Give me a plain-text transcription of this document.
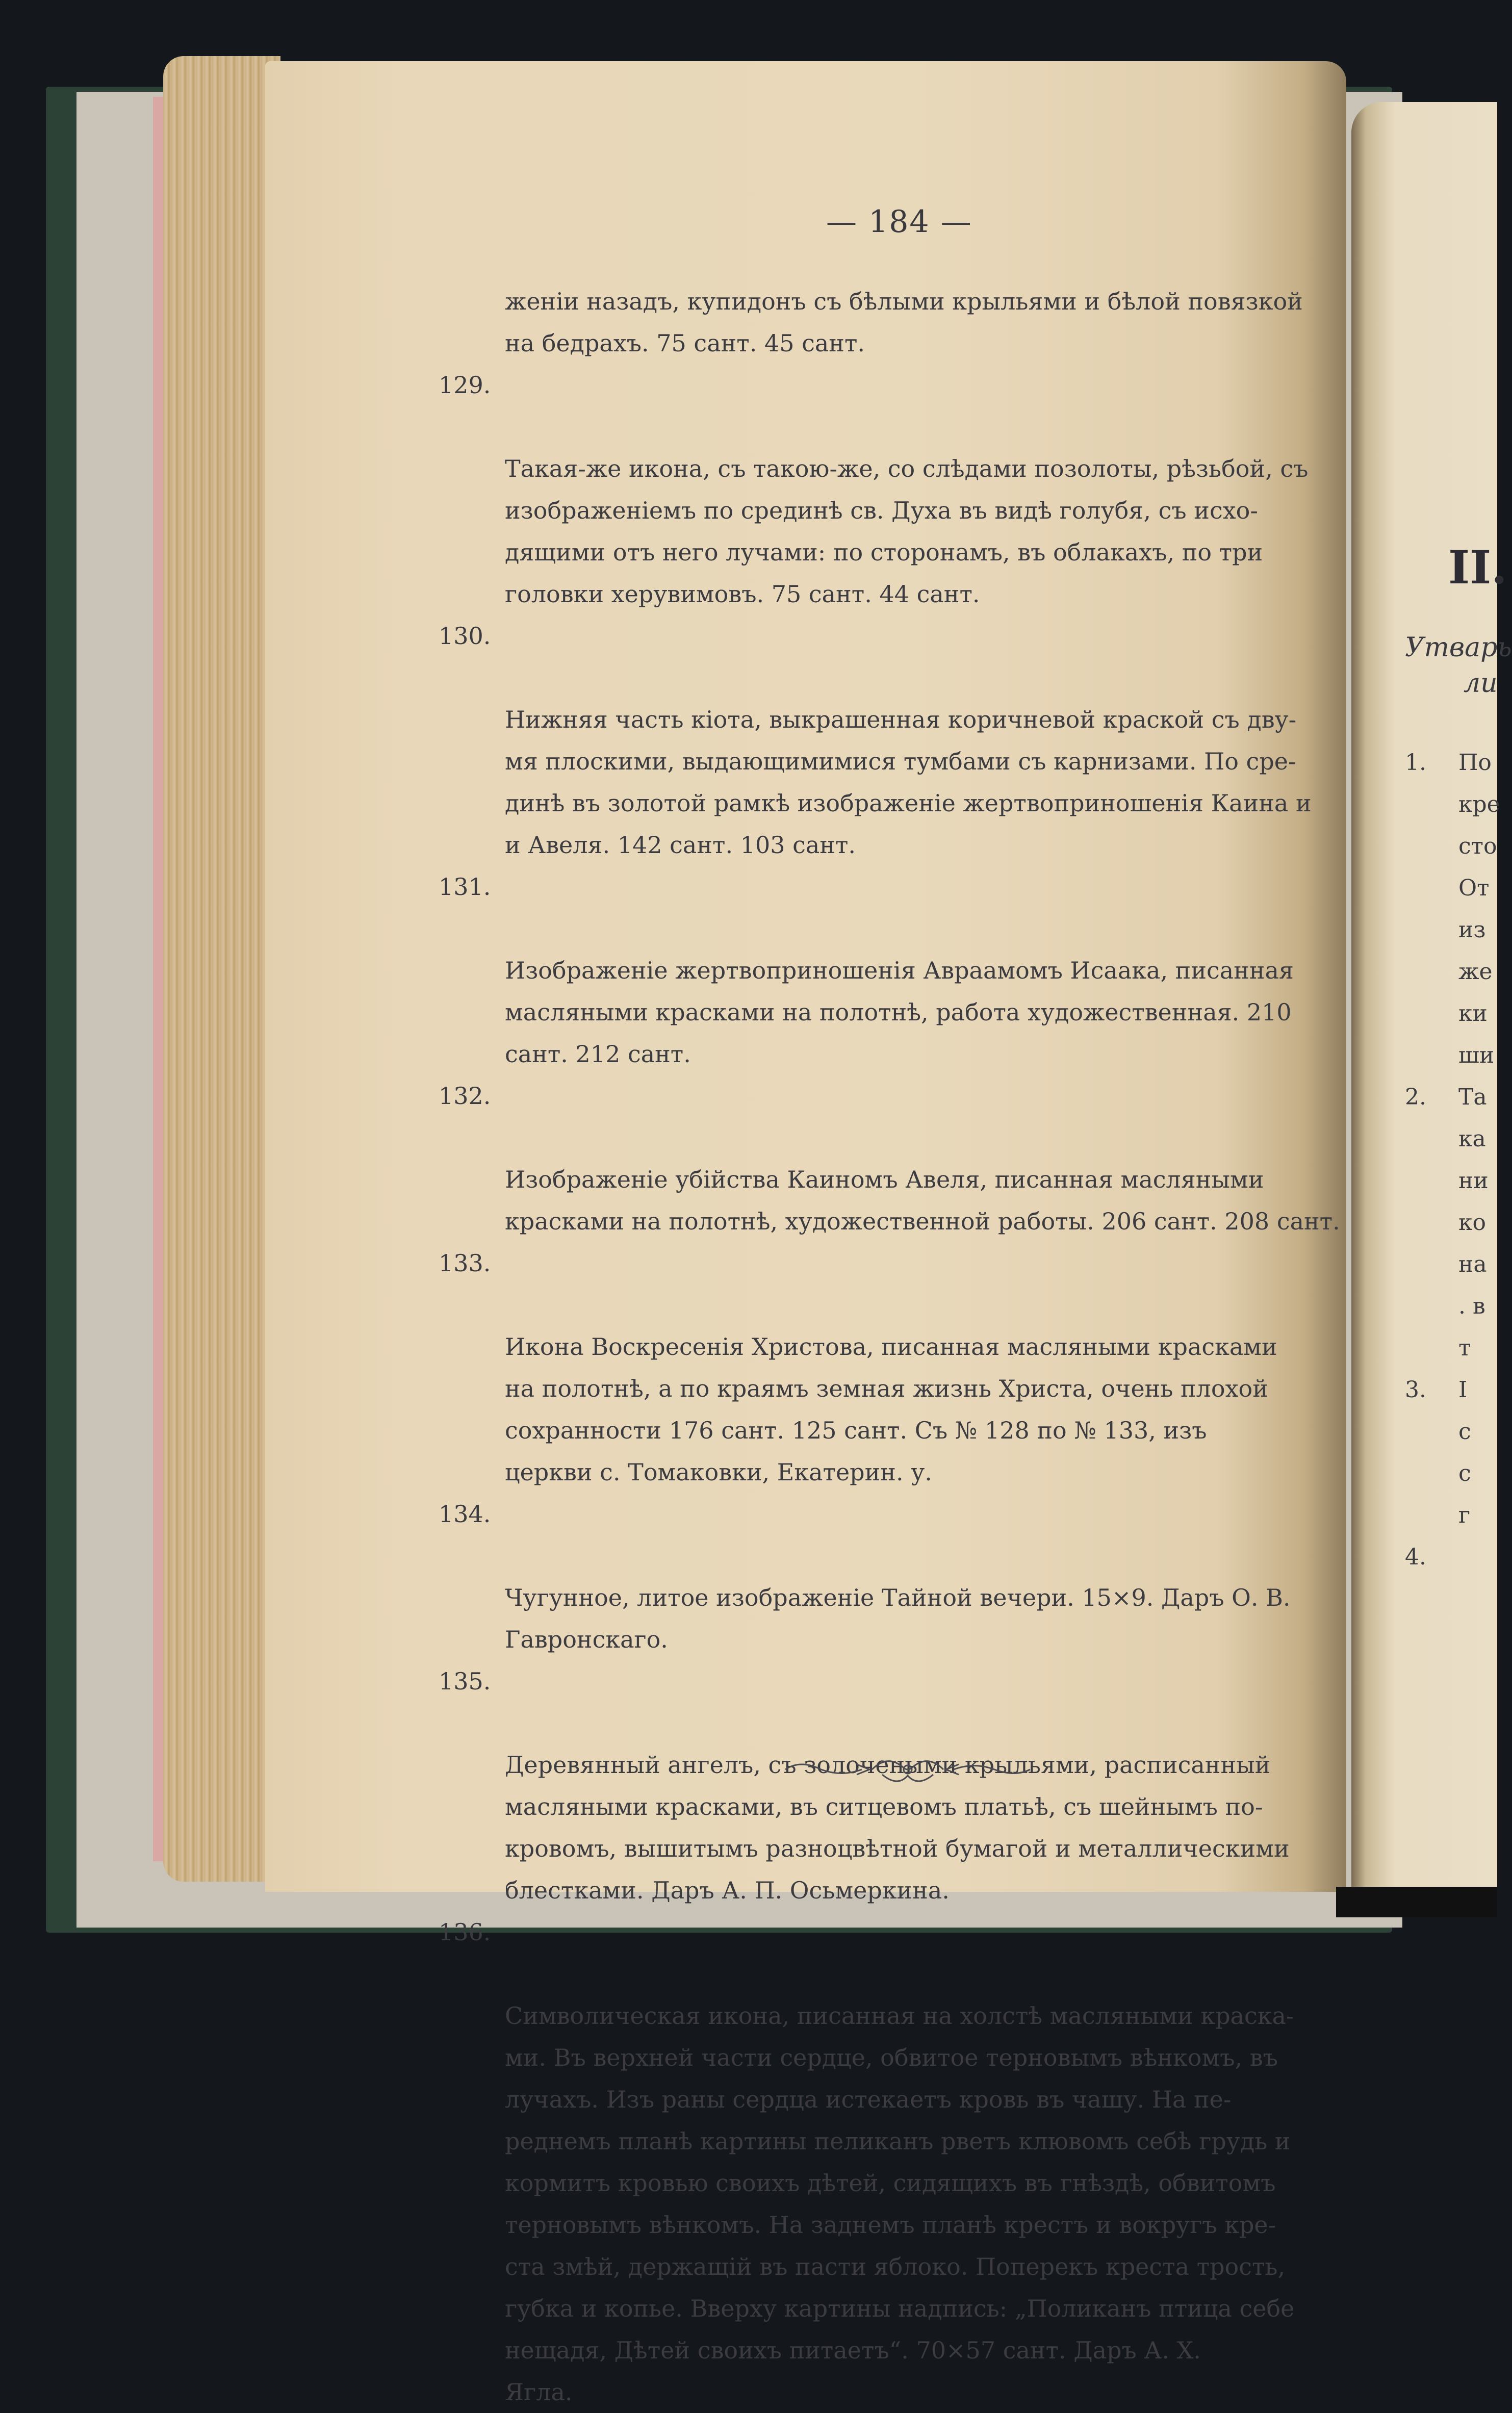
— 184 —

женіи назадъ, купидонъ съ бѣлыми крыльями и бѣлой повязкой
на бедрахъ. 75 сант. 45 сант.

129.

Такая-же икона, съ такою-же, со слѣдами позолоты, рѣзьбой, съ
изображеніемъ по срединѣ св. Духа въ видѣ голубя, съ исхо-
дящими отъ него лучами: по сторонамъ, въ облакахъ, по три
головки херувимовъ. 75 сант. 44 сант.

130.

Нижняя часть кіота, выкрашенная коричневой краской съ дву-
мя плоскими, выдающимимися тумбами съ карнизами. По сре-
динѣ въ золотой рамкѣ изображеніе жертвоприношенія Каина и
и Авеля. 142 сант. 103 сант.

131.

Изображеніе жертвоприношенія Авраамомъ Исаака, писанная
масляными красками на полотнѣ, работа художественная. 210
сант. 212 сант.

132.

Изображеніе убійства Каиномъ Авеля, писанная масляными
красками на полотнѣ, художественной работы. 206 сант. 208 сант.

133.

Икона Воскресенія Христова, писанная масляными красками
на полотнѣ, а по краямъ земная жизнь Христа, очень плохой
сохранности 176 сант. 125 сант. Съ № 128 по № 133, изъ
церкви с. Томаковки, Екатерин. у.

134.

Чугунное, литое изображеніе Тайной вечери. 15×9. Даръ О. В.
Гавронскаго.

135.

Деревянный ангелъ, съ золочеными крыльями, расписанный
масляными красками, въ ситцевомъ платьѣ, съ шейнымъ по-
кровомъ, вышитымъ разноцвѣтной бумагой и металлическими
блестками. Даръ А. П. Осьмеркина.

136.

Символическая икона, писанная на холстѣ масляными краска-
ми. Въ верхней части сердце, обвитое терновымъ вѣнкомъ, въ
лучахъ. Изъ раны сердца истекаетъ кровь въ чашу. На пе-
реднемъ планѣ картины пеликанъ рветъ клювомъ себѣ грудь и
кормитъ кровью своихъ дѣтей, сидящихъ въ гнѣздѣ, обвитомъ
терновымъ вѣнкомъ. На заднемъ планѣ крестъ и вокругъ кре-
ста змѣй, держащій въ пасти яблоко. Поперекъ креста трость,
губка и копье. Вверху картины надпись: „Поликанъ птица себе
нещадя, Дѣтей своихъ питаетъ“. 70×57 сант. Даръ А. Х.
Ягла.

II.
Утварь
ли
1. По
кре
сто
От
из
же
ки
ши
2. Та
ка
ни
ко
на
. в
т
3. I
с
с
г
4.
